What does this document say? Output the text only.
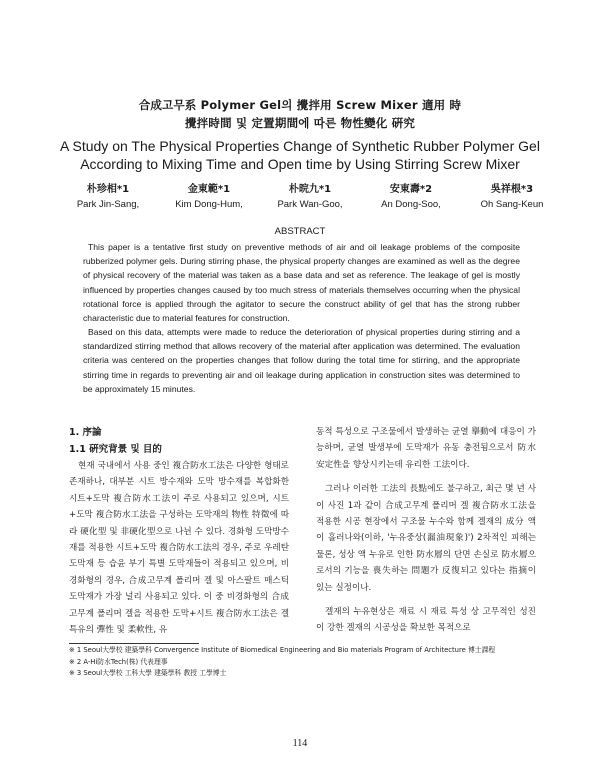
合成고무系 Polymer Gel의 攪拌用 Screw Mixer 適用 時
攪拌時間 및 定置期間에 따른 物性變化 硏究
A Study on The Physical Properties Change of Synthetic Rubber Polymer Gel
According to Mixing Time and Open time by Using Stirring Screw Mixer
朴珍相*1
Park Jin-Sang,
金東範*1
Kim Dong-Hum,
朴晥九*1
Park Wan-Goo,
安東壽*2
An Dong-Soo,
吳祥根*3
Oh Sang-Keun
ABSTRACT

This paper is a tentative first study on preventive methods of air and oil leakage problems of the composite rubberized polymer gels. During stirring phase, the physical property changes are examined as well as the degree of physical recovery of the material was taken as a base data and set as reference. The leakage of gel is mostly influenced by properties changes caused by too much stress of materials themselves occurring when the physical rotational force is applied through the agitator to secure the construct ability of gel that has the strong rubber characteristic due to material features for construction.

Based on this data, attempts were made to reduce the deterioration of physical properties during stirring and a standardized stirring method that allows recovery of the material after application was determined. The evaluation criteria was centered on the properties changes that follow during the total time for stirring, and the appropriate stirring time in regards to preventing air and oil leakage during application in construction sites was determined to be approximately 15 minutes.

1. 序論
1.1 硏究背景 및 目的

현재 국내에서 사용 중인 複合防水工法은 다양한 형태로 존재하나, 대부분 시트 방수재와 도막 방수재를 복합화한 시트+도막 複合防水工法이 주로 사용되고 있으며, 시트+도막 複合防水工法을 구성하는 도막재의 物性 特徵에 따라 硬化型 및 非硬化型으로 나뉜 수 있다. 경화형 도막방수재를 적용한 시트+도막 複合防水工法의 경우, 주로 우레탄 도막재 등 습윤 부기 특별 도막재들이 적용되고 있으며, 비경화형의 경우, 合成고무계 폴리머 겔 및 아스팔트 매스틱 도막재가 가장 널리 사용되고 있다. 이 중 비경화형의 合成고무계 폴리머 겔을 적용한 도막+시트 複合防水工法은 겔 특유의 彈性 및 柔軟性, 유

동적 특성으로 구조물에서 발생하는 균열 擧動에 대응이 가능하며, 균열 발생부에 도막재가 유동 충전됨으로서 防水 安定性을 향상시키는데 유리한 工法이다.

그러나 이러한 工法의 長點에도 불구하고, 최근 몇 년 사이 사진 1과 같이 合成고무계 폴리머 겔 複合防水工法을 적용한 시공 현장에서 구조물 누수와 함께 겔재의 成分 액이 흘러나와(이하, '누유중상(漏油現象)') 2차적인 피해는 물론, 성상 액 누유로 인한 防水層의 단면 손실로 防水層으로서의 기능을 喪失하는 問題가 反復되고 있다는 指摘이 있는 실정이나.

겔재의 누유현상은 재료 시 재료 특성 상 고무적인 성진이 강한 겔재의 시공성을 확보한 목적으로

※ 1 Seoul大學校 建築學科 Convergence Institute of Biomedical Engineering and Bio materials Program of Architecture 博士課程
※ 2 A-Hi防水Tech(株) 代表理事
※ 3 Seoul大學校 工科大學 建築學科 教授 工學博士
114
